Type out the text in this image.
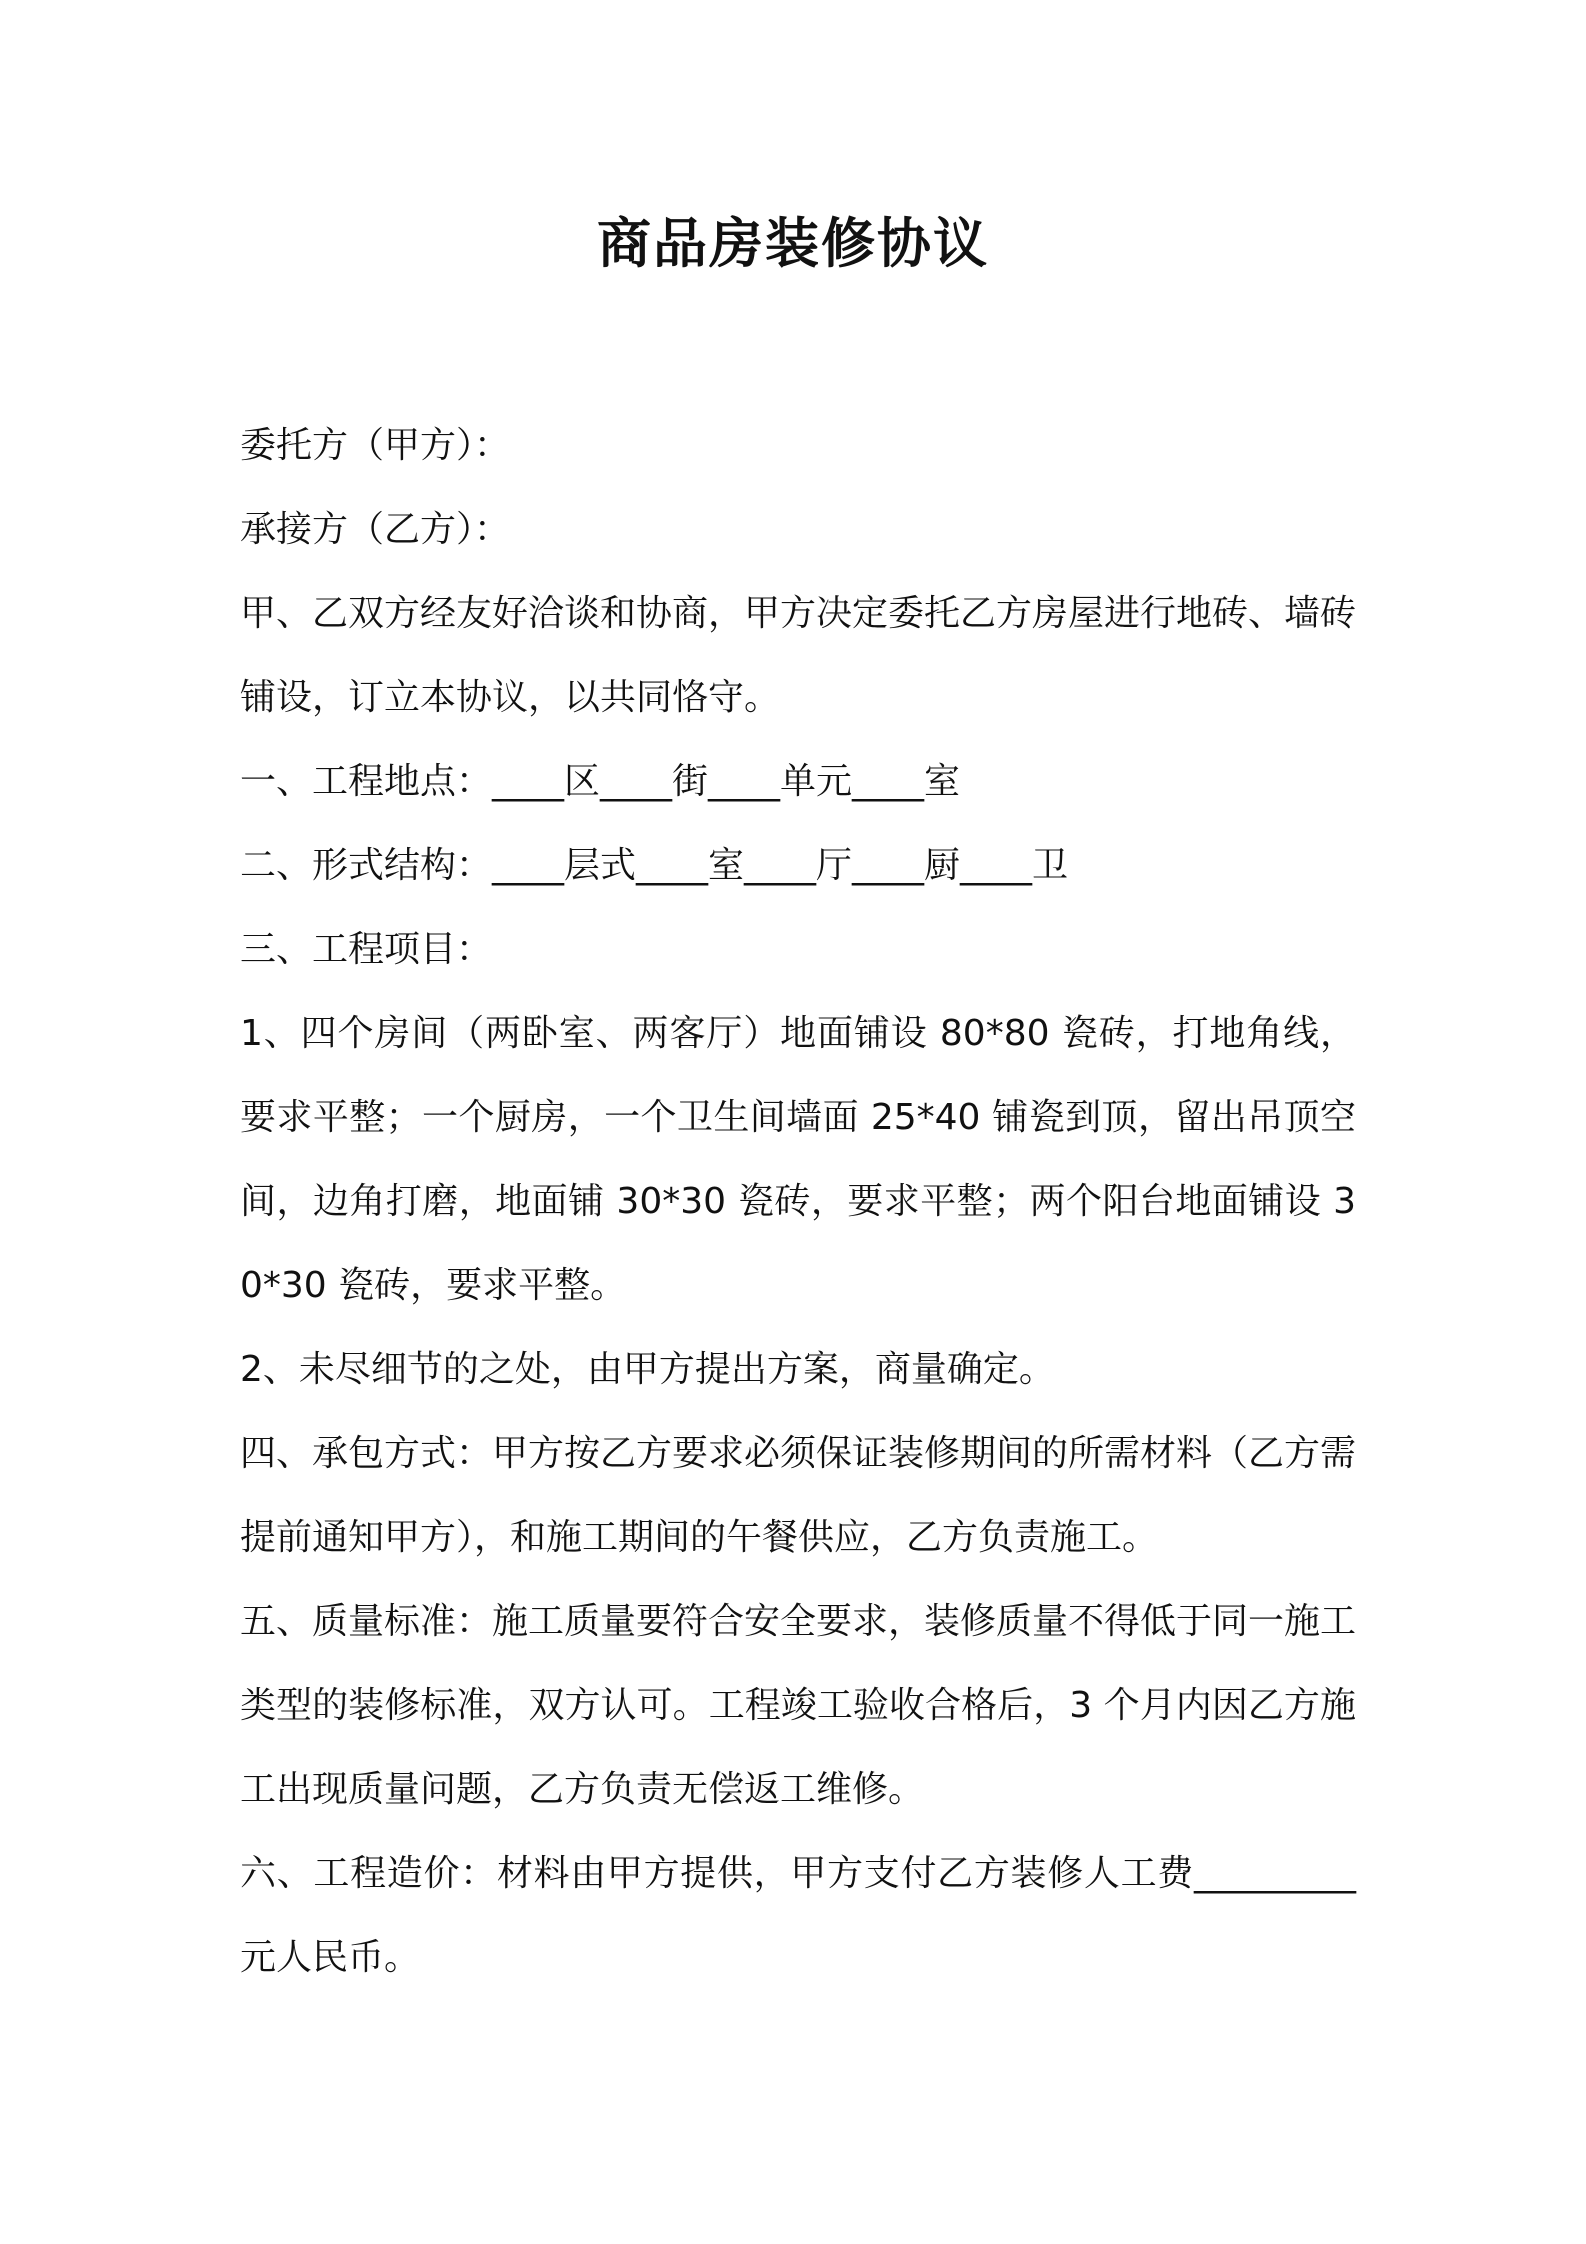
商品房装修协议

委托方（甲方）：

承接方（乙方）：

甲、乙双方经友好洽谈和协商，甲方决定委托乙方房屋进行地砖、墙砖铺设，订立本协议，以共同恪守。

一、工程地点：____区____街____单元____室

二、形式结构：____层式____室____厅____厨____卫

三、工程项目：

1、四个房间（两卧室、两客厅）地面铺设 80*80 瓷砖，打地角线，要求平整；一个厨房，一个卫生间墙面 25*40 铺瓷到顶，留出吊顶空间，边角打磨，地面铺 30*30 瓷砖，要求平整；两个阳台地面铺设 30*30 瓷砖，要求平整。

2、未尽细节的之处，由甲方提出方案，商量确定。

四、承包方式：甲方按乙方要求必须保证装修期间的所需材料（乙方需提前通知甲方），和施工期间的午餐供应，乙方负责施工。

五、质量标准：施工质量要符合安全要求，装修质量不得低于同一施工类型的装修标准，双方认可。工程竣工验收合格后，3 个月内因乙方施工出现质量问题，乙方负责无偿返工维修。

六、工程造价：材料由甲方提供，甲方支付乙方装修人工费_________元人民币。
